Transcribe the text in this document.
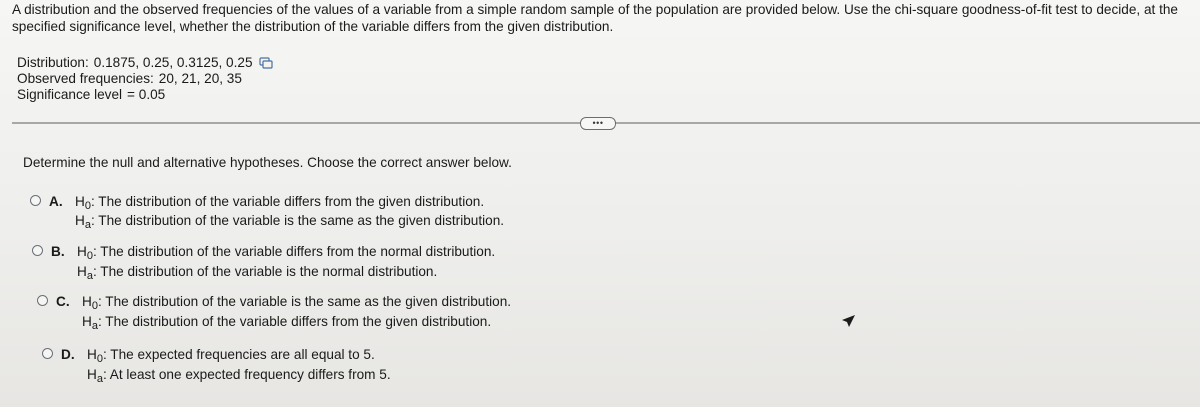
A distribution and the observed frequencies of the values of a variable from a simple random sample of the population are provided below. Use the chi-square goodness-of-fit test to decide, at the specified significance level, whether the distribution of the variable differs from the given distribution.

Distribution: 0.1875, 0.25, 0.3125, 0.25
Observed frequencies: 20, 21, 20, 35
Significance level = 0.05
•••

Determine the null and alternative hypotheses. Choose the correct answer below.

A. $H_0$: The distribution of the variable differs from the given distribution.
$H_a$: The distribution of the variable is the same as the given distribution.
B. $H_0$: The distribution of the variable differs from the normal distribution.
$H_a$: The distribution of the variable is the normal distribution.
C. $H_0$: The distribution of the variable is the same as the given distribution.
$H_a$: The distribution of the variable differs from the given distribution.
D. $H_0$: The expected frequencies are all equal to 5.
$H_a$: At least one expected frequency differs from 5.
